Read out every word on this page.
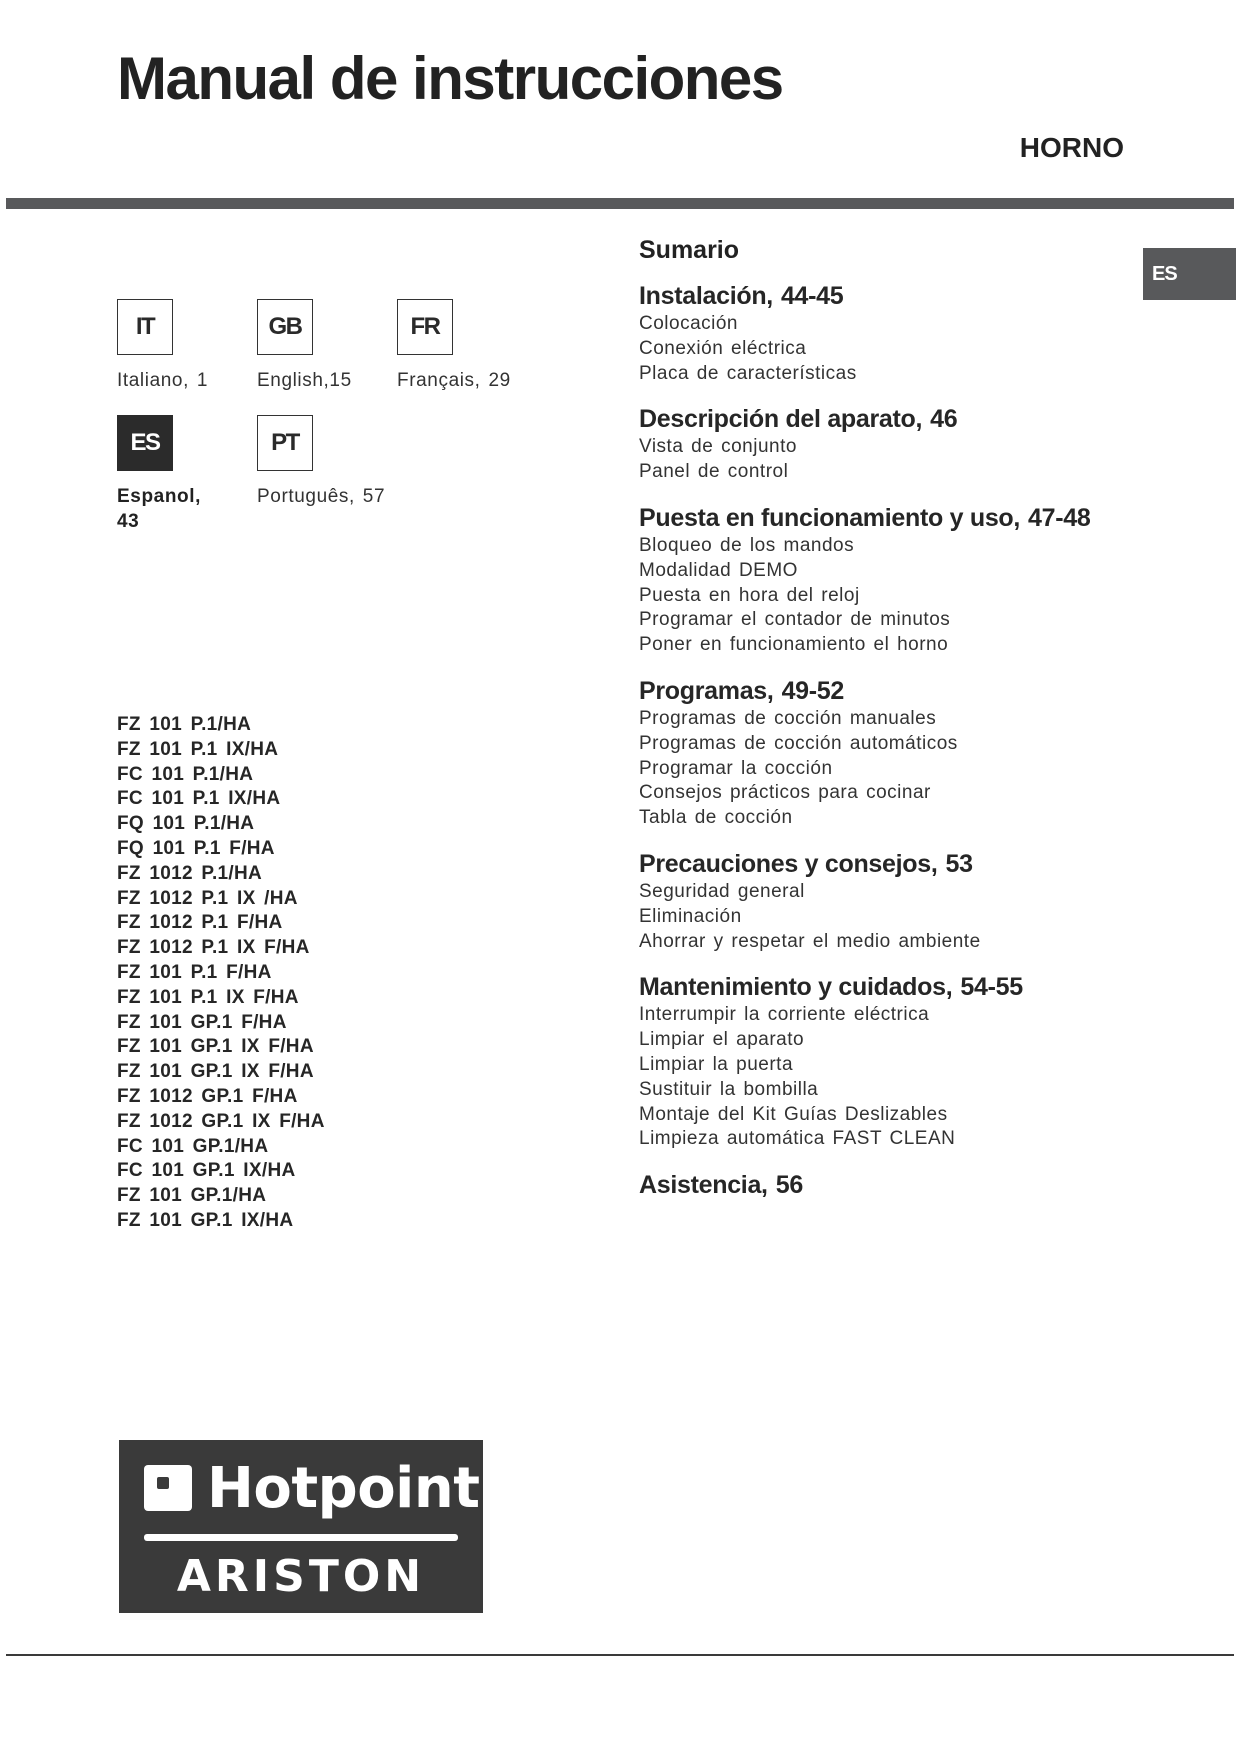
Manual de instrucciones
HORNO
ES
IT
Italiano, 1
GB
English,15
FR
Français, 29
ES
Espanol,
43
PT
Português, 57
FZ 101 P.1/HA
FZ 101 P.1 IX/HA
FC 101 P.1/HA
FC 101 P.1 IX/HA
FQ 101 P.1/HA
FQ 101 P.1 F/HA
FZ 1012 P.1/HA
FZ 1012 P.1 IX /HA
FZ 1012 P.1 F/HA
FZ 1012 P.1 IX F/HA
FZ 101 P.1 F/HA
FZ 101 P.1 IX F/HA
FZ 101 GP.1 F/HA
FZ 101 GP.1 IX F/HA
FZ 101 GP.1 IX F/HA
FZ 1012 GP.1 F/HA
FZ 1012 GP.1 IX F/HA
FC 101 GP.1/HA
FC 101 GP.1 IX/HA
FZ 101 GP.1/HA
FZ 101 GP.1 IX/HA
Sumario
Instalación, 44-45
Colocación
Conexión eléctrica
Placa de características
Descripción del aparato, 46
Vista de conjunto
Panel de control
Puesta en funcionamiento y uso, 47-48
Bloqueo de los mandos
Modalidad DEMO
Puesta en hora del reloj
Programar el contador de minutos
Poner en funcionamiento el horno
Programas, 49-52
Programas de cocción manuales
Programas de cocción automáticos
Programar la cocción
Consejos prácticos para cocinar
Tabla de cocción
Precauciones y consejos, 53
Seguridad general
Eliminación
Ahorrar y respetar el medio ambiente
Mantenimiento y cuidados, 54-55
Interrumpir la corriente eléctrica
Limpiar el aparato
Limpiar la puerta
Sustituir la bombilla
Montaje del Kit Guías Deslizables
Limpieza automática FAST CLEAN
Asistencia, 56
Hotpoint
ARISTON
